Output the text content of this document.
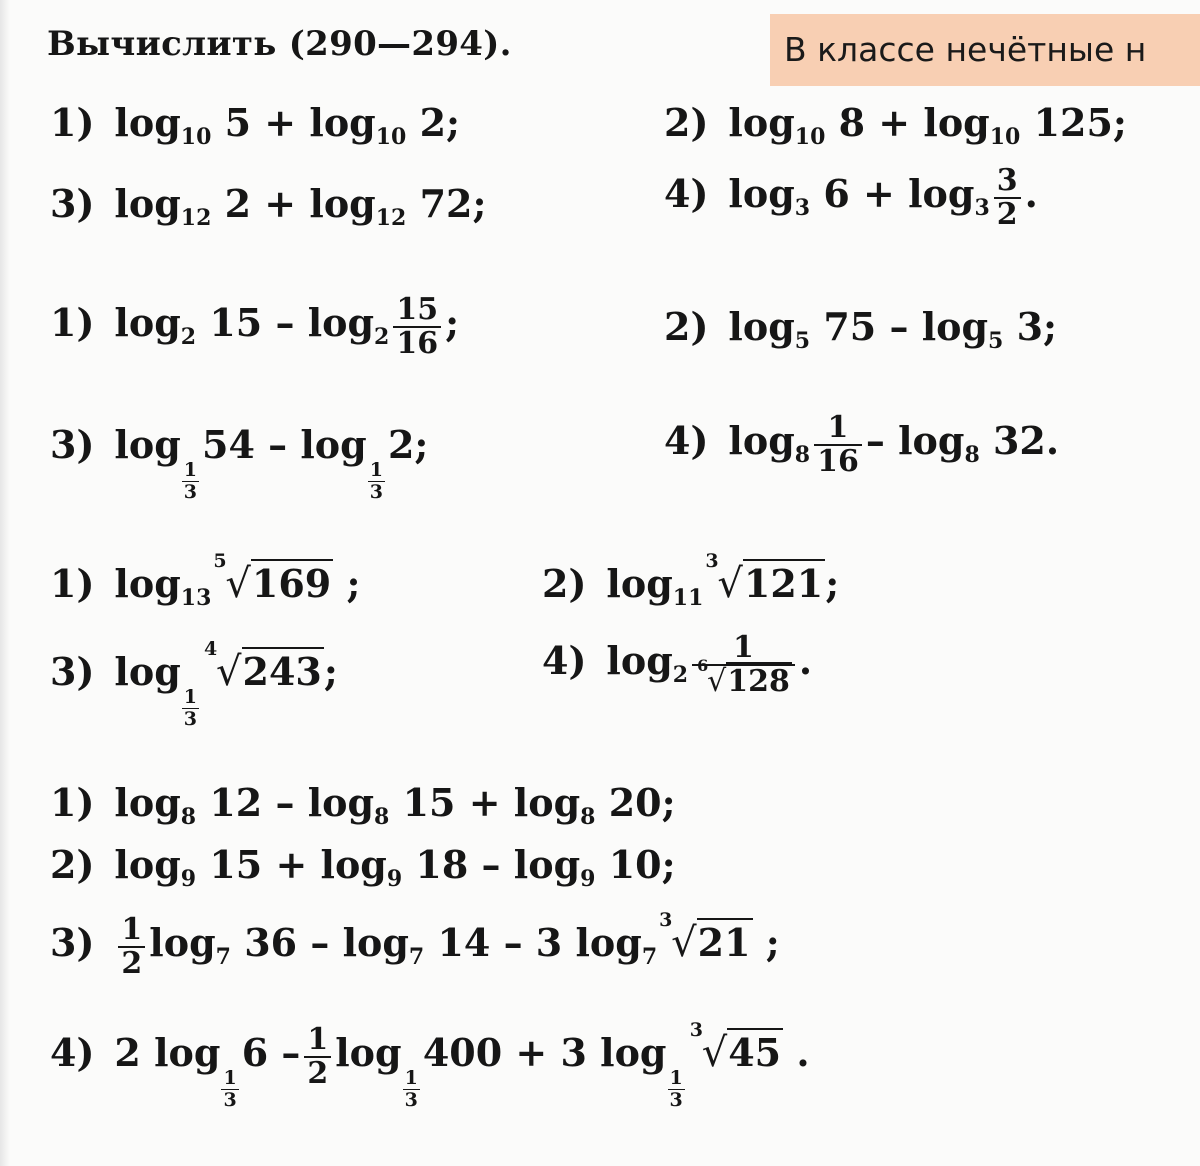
Вычислить (290—294).	В классе нечётные н
1) $\log_{10} 5 + \log_{10} 2$;	2) $\log_{10} 8 + \log_{10} 125$;
3) $\log_{12} 2 + \log_{12} 72$;	4) $\log_3 6 + \log_3 \frac{3}{2}$ .
1) $\log_2 15 - \log_2 \frac{15}{16}$ ;	2) $\log_5 75 - \log_5 3$;
3) log
$\frac{1}{3}$
54 – log
$\frac{1}{3}$
2;	4) $\log_8 \frac{1}{16} - \log_8 32$.
1) $\log_{13}$
5
√169 ;	2) $\log_{11}$
3
√121;
3) log
$\frac{1}{3}$
4
√243;	4) $\log_2 1$
6
√128 .
1) $\log_8 12 - \log_8 15 + \log_8 20$;
2) $\log_9 15 + \log_9 18 - \log_9 10$;
$3) \frac{1}{2} \log_7 36 - \log_7 14 - 3$ $\log_7$
3
√21 ;
4) 2 log
$\frac{1}{3}$
$6 - \frac{1}{2}$ log
$\frac{1}{3}$
400 + 3 log
$\frac{1}{3}$
3
√45 .
